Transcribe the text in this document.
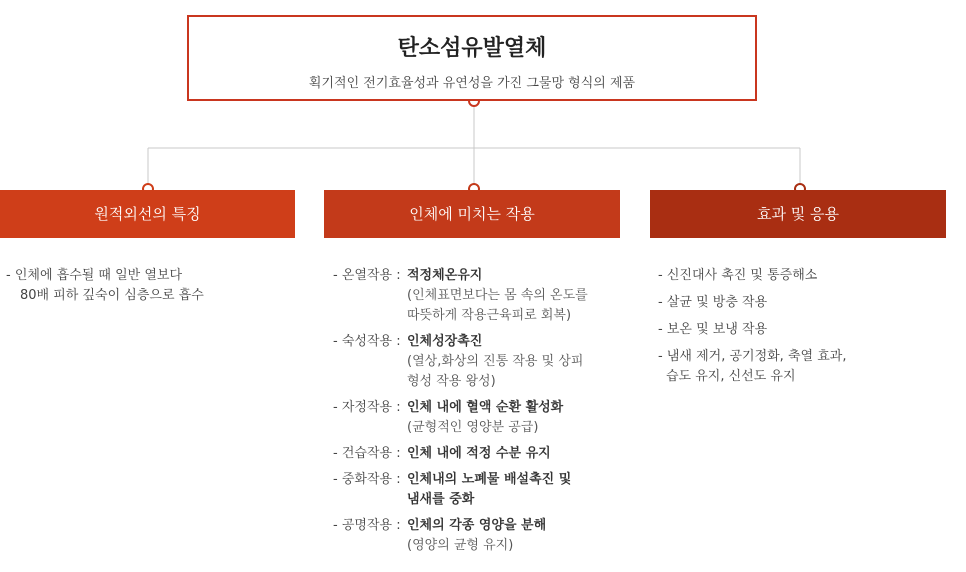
탄소섬유발열체
획기적인 전기효율성과 유연성을 가진 그물망 형식의 제품
원적외선의 특징	인체에 미치는 작용	효과 및 응용
- 인체에 흡수될 때 일반 열보다
80배 피하 깊숙이 심층으로 흡수
- 온열작용 : 적정체온유지
(인체표면보다는 몸 속의 온도를
따뜻하게 작용근육피로 회복)
- 숙성작용 : 인체성장촉진
(열상,화상의 진통 작용 및 상피
형성 작용 왕성)
- 자정작용 : 인체 내에 혈액 순환 활성화
(균형적인 영양분 공급)
- 건습작용 : 인체 내에 적정 수분 유지
- 중화작용 : 인체내의 노폐물 배설촉진 및
냄새를 중화
- 공명작용 : 인체의 각종 영양을 분해
(영양의 균형 유지)
- 신진대사 촉진 및 통증해소
- 살균 및 방충 작용
- 보온 및 보냉 작용
- 냄새 제거, 공기정화, 축열 효과,
습도 유지, 신선도 유지
